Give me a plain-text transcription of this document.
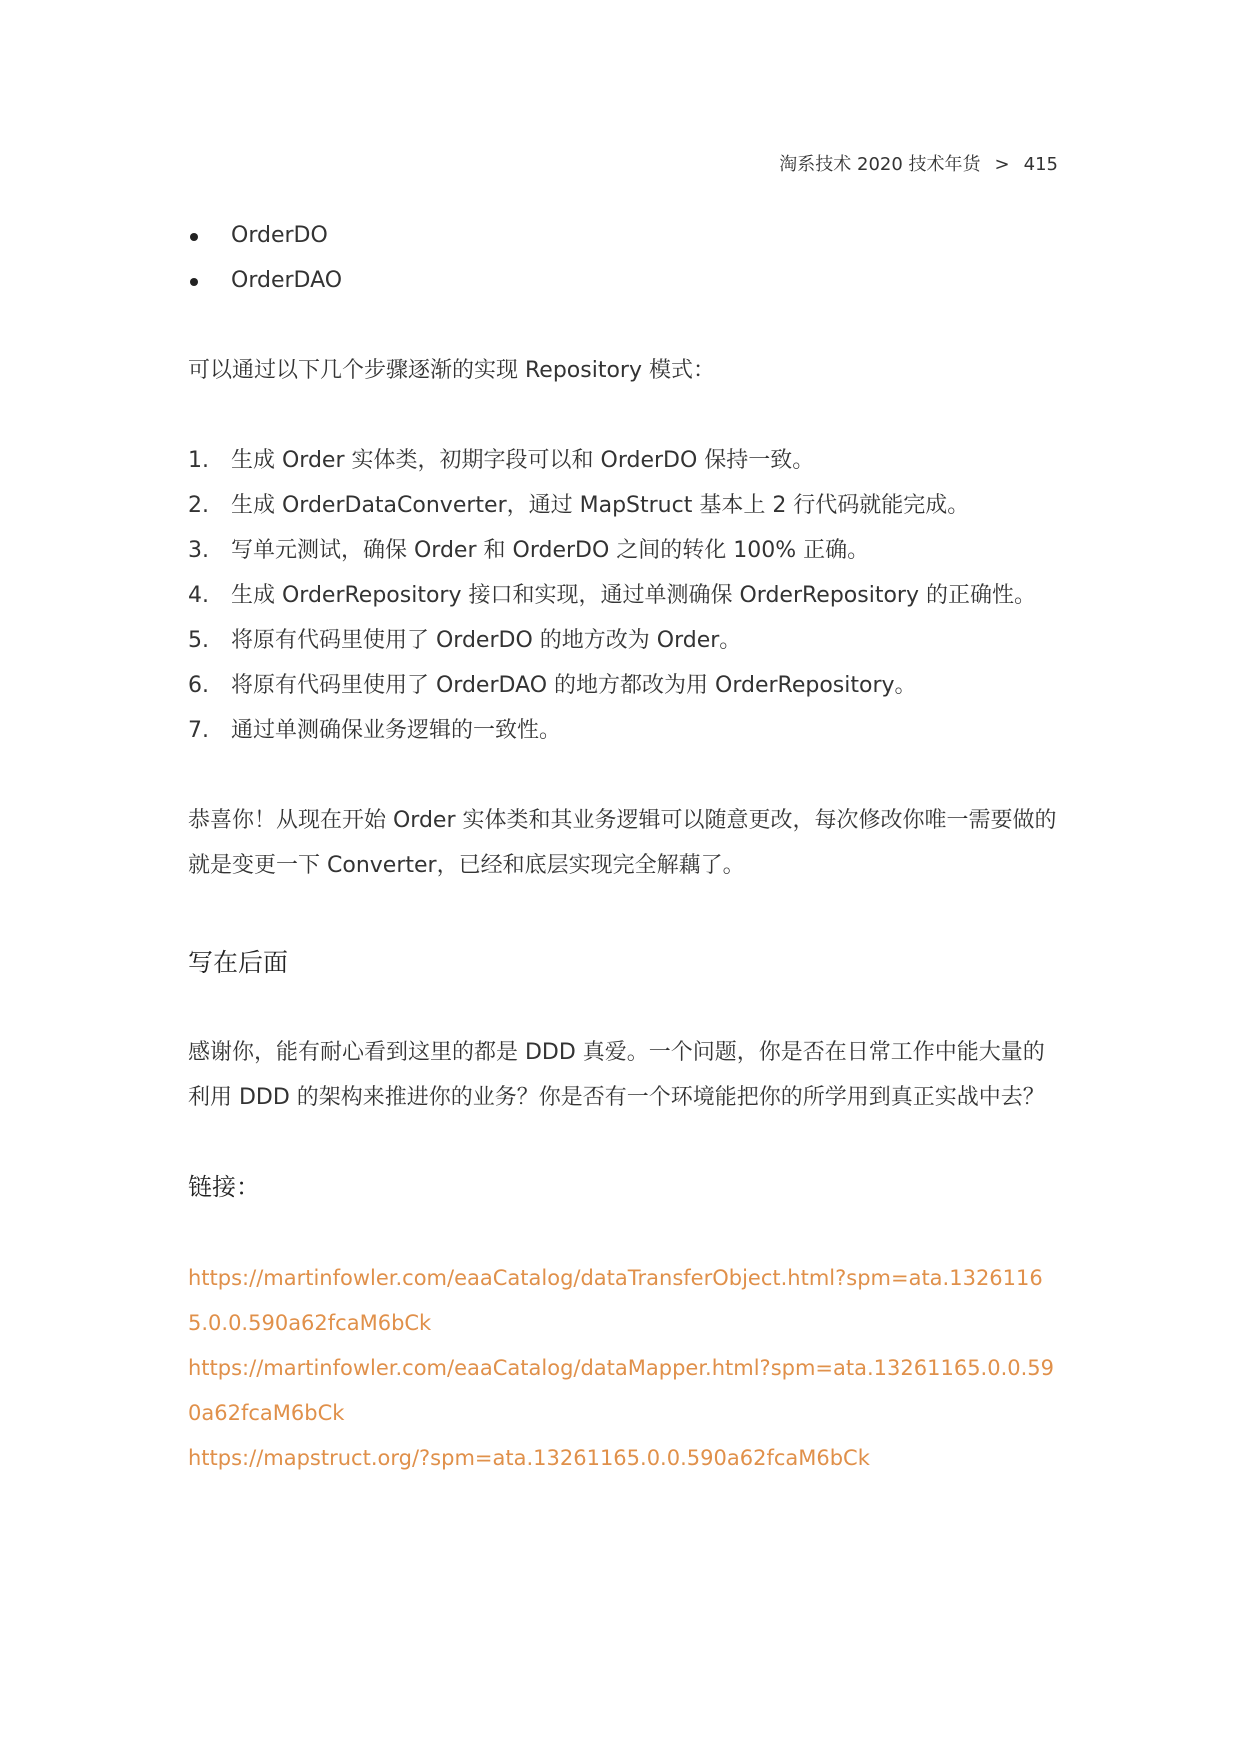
淘系技术 2020 技术年货 > 415
OrderDO
OrderDAO

可以通过以下几个步骤逐渐的实现 Repository 模式：

1. 生成 Order 实体类，初期字段可以和 OrderDO 保持一致。
2. 生成 OrderDataConverter，通过 MapStruct 基本上 2 行代码就能完成。
3. 写单元测试，确保 Order 和 OrderDO 之间的转化 100% 正确。
4. 生成 OrderRepository 接口和实现，通过单测确保 OrderRepository 的正确性。
5. 将原有代码里使用了 OrderDO 的地方改为 Order。
6. 将原有代码里使用了 OrderDAO 的地方都改为用 OrderRepository。
7. 通过单测确保业务逻辑的一致性。

恭喜你！从现在开始 Order 实体类和其业务逻辑可以随意更改，每次修改你唯一需要做的就是变更一下 Converter，已经和底层实现完全解藕了。

写在后面

感谢你，能有耐心看到这里的都是 DDD 真爱。一个问题，你是否在日常工作中能大量的利用 DDD 的架构来推进你的业务？你是否有一个环境能把你的所学用到真正实战中去？

链接：
https://martinfowler.com/eaaCatalog/dataTransferObject.html?spm=ata.13261165.0.0.590a62fcaM6bCk
https://martinfowler.com/eaaCatalog/dataMapper.html?spm=ata.13261165.0.0.590a62fcaM6bCk
https://mapstruct.org/?spm=ata.13261165.0.0.590a62fcaM6bCk
